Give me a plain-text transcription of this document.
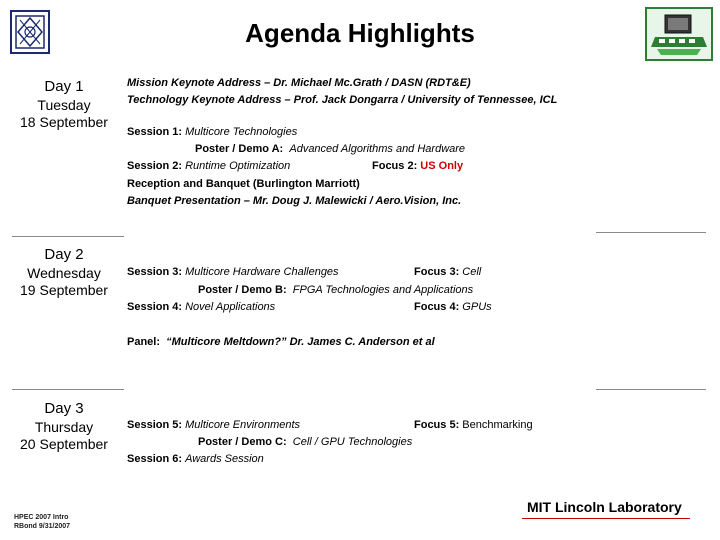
Agenda Highlights
Day 1
Tuesday
18 September
Mission Keynote Address – Dr. Michael Mc.Grath / DASN (RDT&E)
Technology Keynote Address – Prof. Jack Dongarra / University of Tennessee, ICL
Session 1: Multicore Technologies
Poster / Demo A: Advanced Algorithms and Hardware
Session 2: Runtime Optimization	Focus 2: US Only
Reception and Banquet (Burlington Marriott)
Banquet Presentation – Mr. Doug J. Malewicki / Aero.Vision, Inc.
Day 2
Wednesday
19 September
Session 3: Multicore Hardware Challenges	Focus 3: Cell
Poster / Demo B: FPGA Technologies and Applications
Session 4: Novel Applications	Focus 4: GPUs
Panel: “Multicore Meltdown?” Dr. James C. Anderson et al
Day 3
Thursday
20 September
Session 5: Multicore Environments	Focus 5: Benchmarking
Poster / Demo C: Cell / GPU Technologies
Session 6: Awards Session
HPEC 2007 Intro
RBond 9/31/2007
MIT Lincoln Laboratory
